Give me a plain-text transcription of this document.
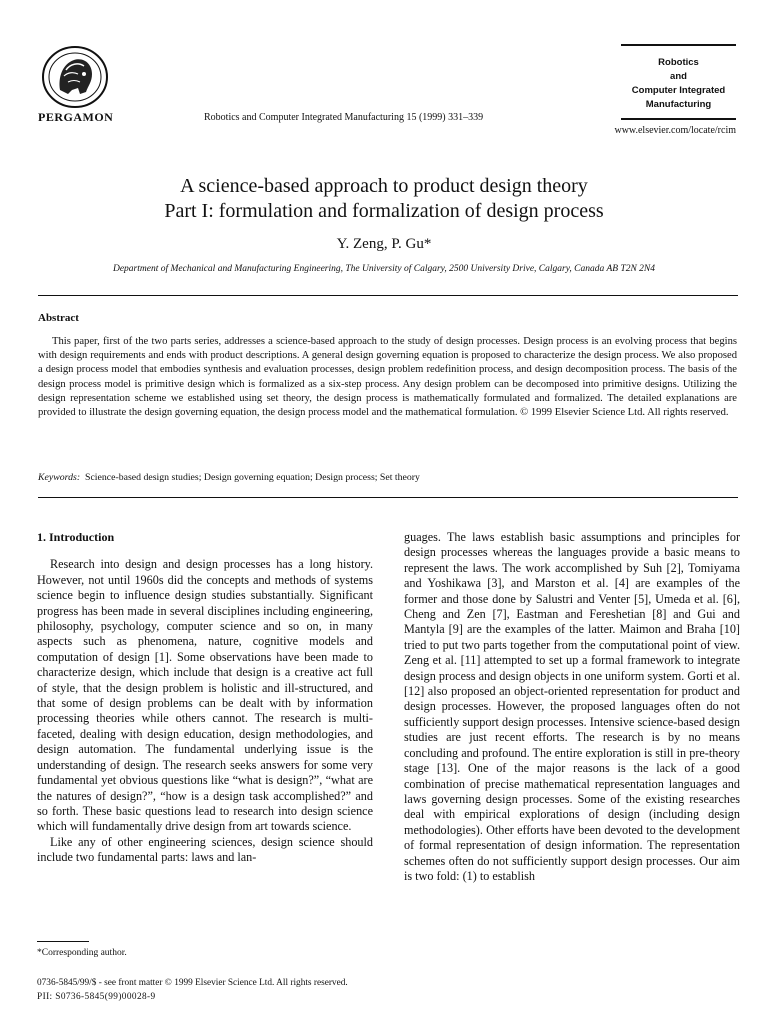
PERGAMON	Robotics and Computer Integrated Manufacturing 15 (1999) 331–339
Robotics
and
Computer Integrated
Manufacturing
www.elsevier.com/locate/rcim
A science-based approach to product design theory
Part I: formulation and formalization of design process
Y. Zeng, P. Gu*
Department of Mechanical and Manufacturing Engineering, The University of Calgary, 2500 University Drive, Calgary, Canada AB T2N 2N4
Abstract
This paper, first of the two parts series, addresses a science-based approach to the study of design processes. Design process is an evolving process that begins with design requirements and ends with product descriptions. A general design governing equation is proposed to characterize the design process. We also proposed a design process model that embodies synthesis and evaluation processes, design problem redefinition process, and design decomposition process. The basis of the design process model is primitive design which is formalized as a six-step process. Any design problem can be decomposed into primitive designs. Utilizing the design representation scheme we established using set theory, the design process is mathematically formulated and formalized. The detailed explanations are provided to illustrate the design governing equation, the design process model and the mathematical formulation. © 1999 Elsevier Science Ltd. All rights reserved.
Keywords: Science-based design studies; Design governing equation; Design process; Set theory
1. Introduction

Research into design and design processes has a long history. However, not until 1960s did the concepts and methods of systems science begin to influence design studies substantially. Significant progress has been made in several disciplines including engineering, philosophy, psychology, computer science and so on, in many aspects such as phenomena, nature, cognitive models and computation of design [1]. Some observations have been made to characterize design, which include that design is a creative act full of style, that the design problem is holistic and ill-structured, and that some of design problems can be dealt with by information processing theories while others cannot. The research is multi-faceted, dealing with design education, design methodologies, and design automation. The fundamental underlying issue is the understanding of design. The research seeks answers for some very fundamental yet obvious questions like “what is design?”, “what are the natures of design?”, “how is a design task accomplished?” and so forth. These basic questions lead to research into design science which will fundamentally drive design from art towards science.

Like any of other engineering sciences, design science should include two fundamental parts: laws and lan-

guages. The laws establish basic assumptions and principles for design processes whereas the languages provide a basic means to represent the laws. The work accomplished by Suh [2], Tomiyama and Yoshikawa [3], and Marston et al. [4] are examples of the former and those done by Salustri and Venter [5], Umeda et al. [6], Cheng and Zen [7], Eastman and Fereshetian [8] and Gui and Mantyla [9] are the examples of the latter. Maimon and Braha [10] tried to put two parts together from the computational point of view. Zeng et al. [11] attempted to set up a formal framework to integrate design process and design objects in one uniform system. Gorti et al. [12] also proposed an object-oriented representation for product and design processes. However, the proposed languages often do not sufficiently support design processes. Intensive science-based design studies are just recent efforts. The research is by no means concluding and profound. The entire exploration is still in pre-theory stage [13]. One of the major reasons is the lack of a good combination of precise mathematical representation languages and laws governing design processes. Some of the existing researches deal with empirical explorations of design (including design methodologies). Other efforts have been devoted to the development of formal representation of design information. The representation schemes often do not sufficiently support design processes. Our aim is two fold: (1) to establish

*Corresponding author.
0736-5845/99/$ - see front matter © 1999 Elsevier Science Ltd. All rights reserved.
PII: S0736-5845(99)00028-9
